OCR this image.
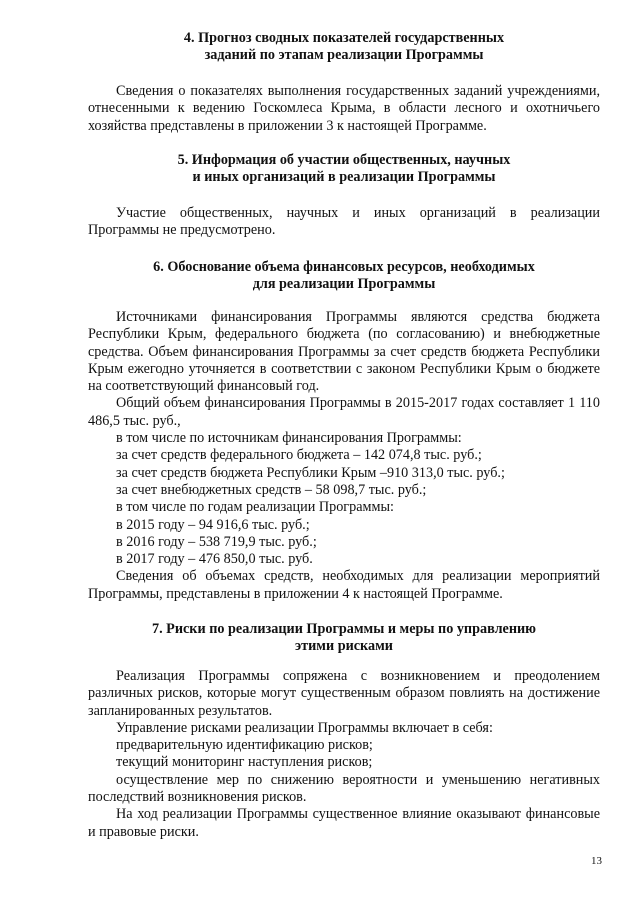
4. Прогноз сводных показателей государственных
заданий по этапам реализации Программы

Сведения о показателях выполнения государственных заданий учреждениями, отнесенными к ведению Госкомлеса Крыма, в области лесного и охотничьего хозяйства представлены в приложении 3 к настоящей Программе.

5. Информация об участии общественных, научных
и иных организаций в реализации Программы

Участие общественных, научных и иных организаций в реализации Программы не предусмотрено.

6. Обоснование объема финансовых ресурсов, необходимых
для реализации Программы

Источниками финансирования Программы являются средства бюджета Республики Крым, федерального бюджета (по согласованию) и внебюджетные средства. Объем финансирования Программы за счет средств бюджета Республики Крым ежегодно уточняется в соответствии с законом Республики Крым о бюджете на соответствующий финансовый год.

Общий объем финансирования Программы в 2015-2017 годах составляет 1 110 486,5 тыс. руб.,

в том числе по источникам финансирования Программы:

за счет средств федерального бюджета – 142 074,8 тыс. руб.;

за счет средств бюджета Республики Крым –910 313,0 тыс. руб.;

за счет внебюджетных средств – 58 098,7 тыс. руб.;

в том числе по годам реализации Программы:

в 2015 году – 94 916,6 тыс. руб.;

в 2016 году – 538 719,9 тыс. руб.;

в 2017 году – 476 850,0 тыс. руб.

Сведения об объемах средств, необходимых для реализации мероприятий Программы, представлены в приложении 4 к настоящей Программе.

7. Риски по реализации Программы и меры по управлению
этими рисками

Реализация Программы сопряжена с возникновением и преодолением различных рисков, которые могут существенным образом повлиять на достижение запланированных результатов.

Управление рисками реализации Программы включает в себя:

предварительную идентификацию рисков;

текущий мониторинг наступления рисков;

осуществление мер по снижению вероятности и уменьшению негативных последствий возникновения рисков.

На ход реализации Программы существенное влияние оказывают финансовые и правовые риски.

13
